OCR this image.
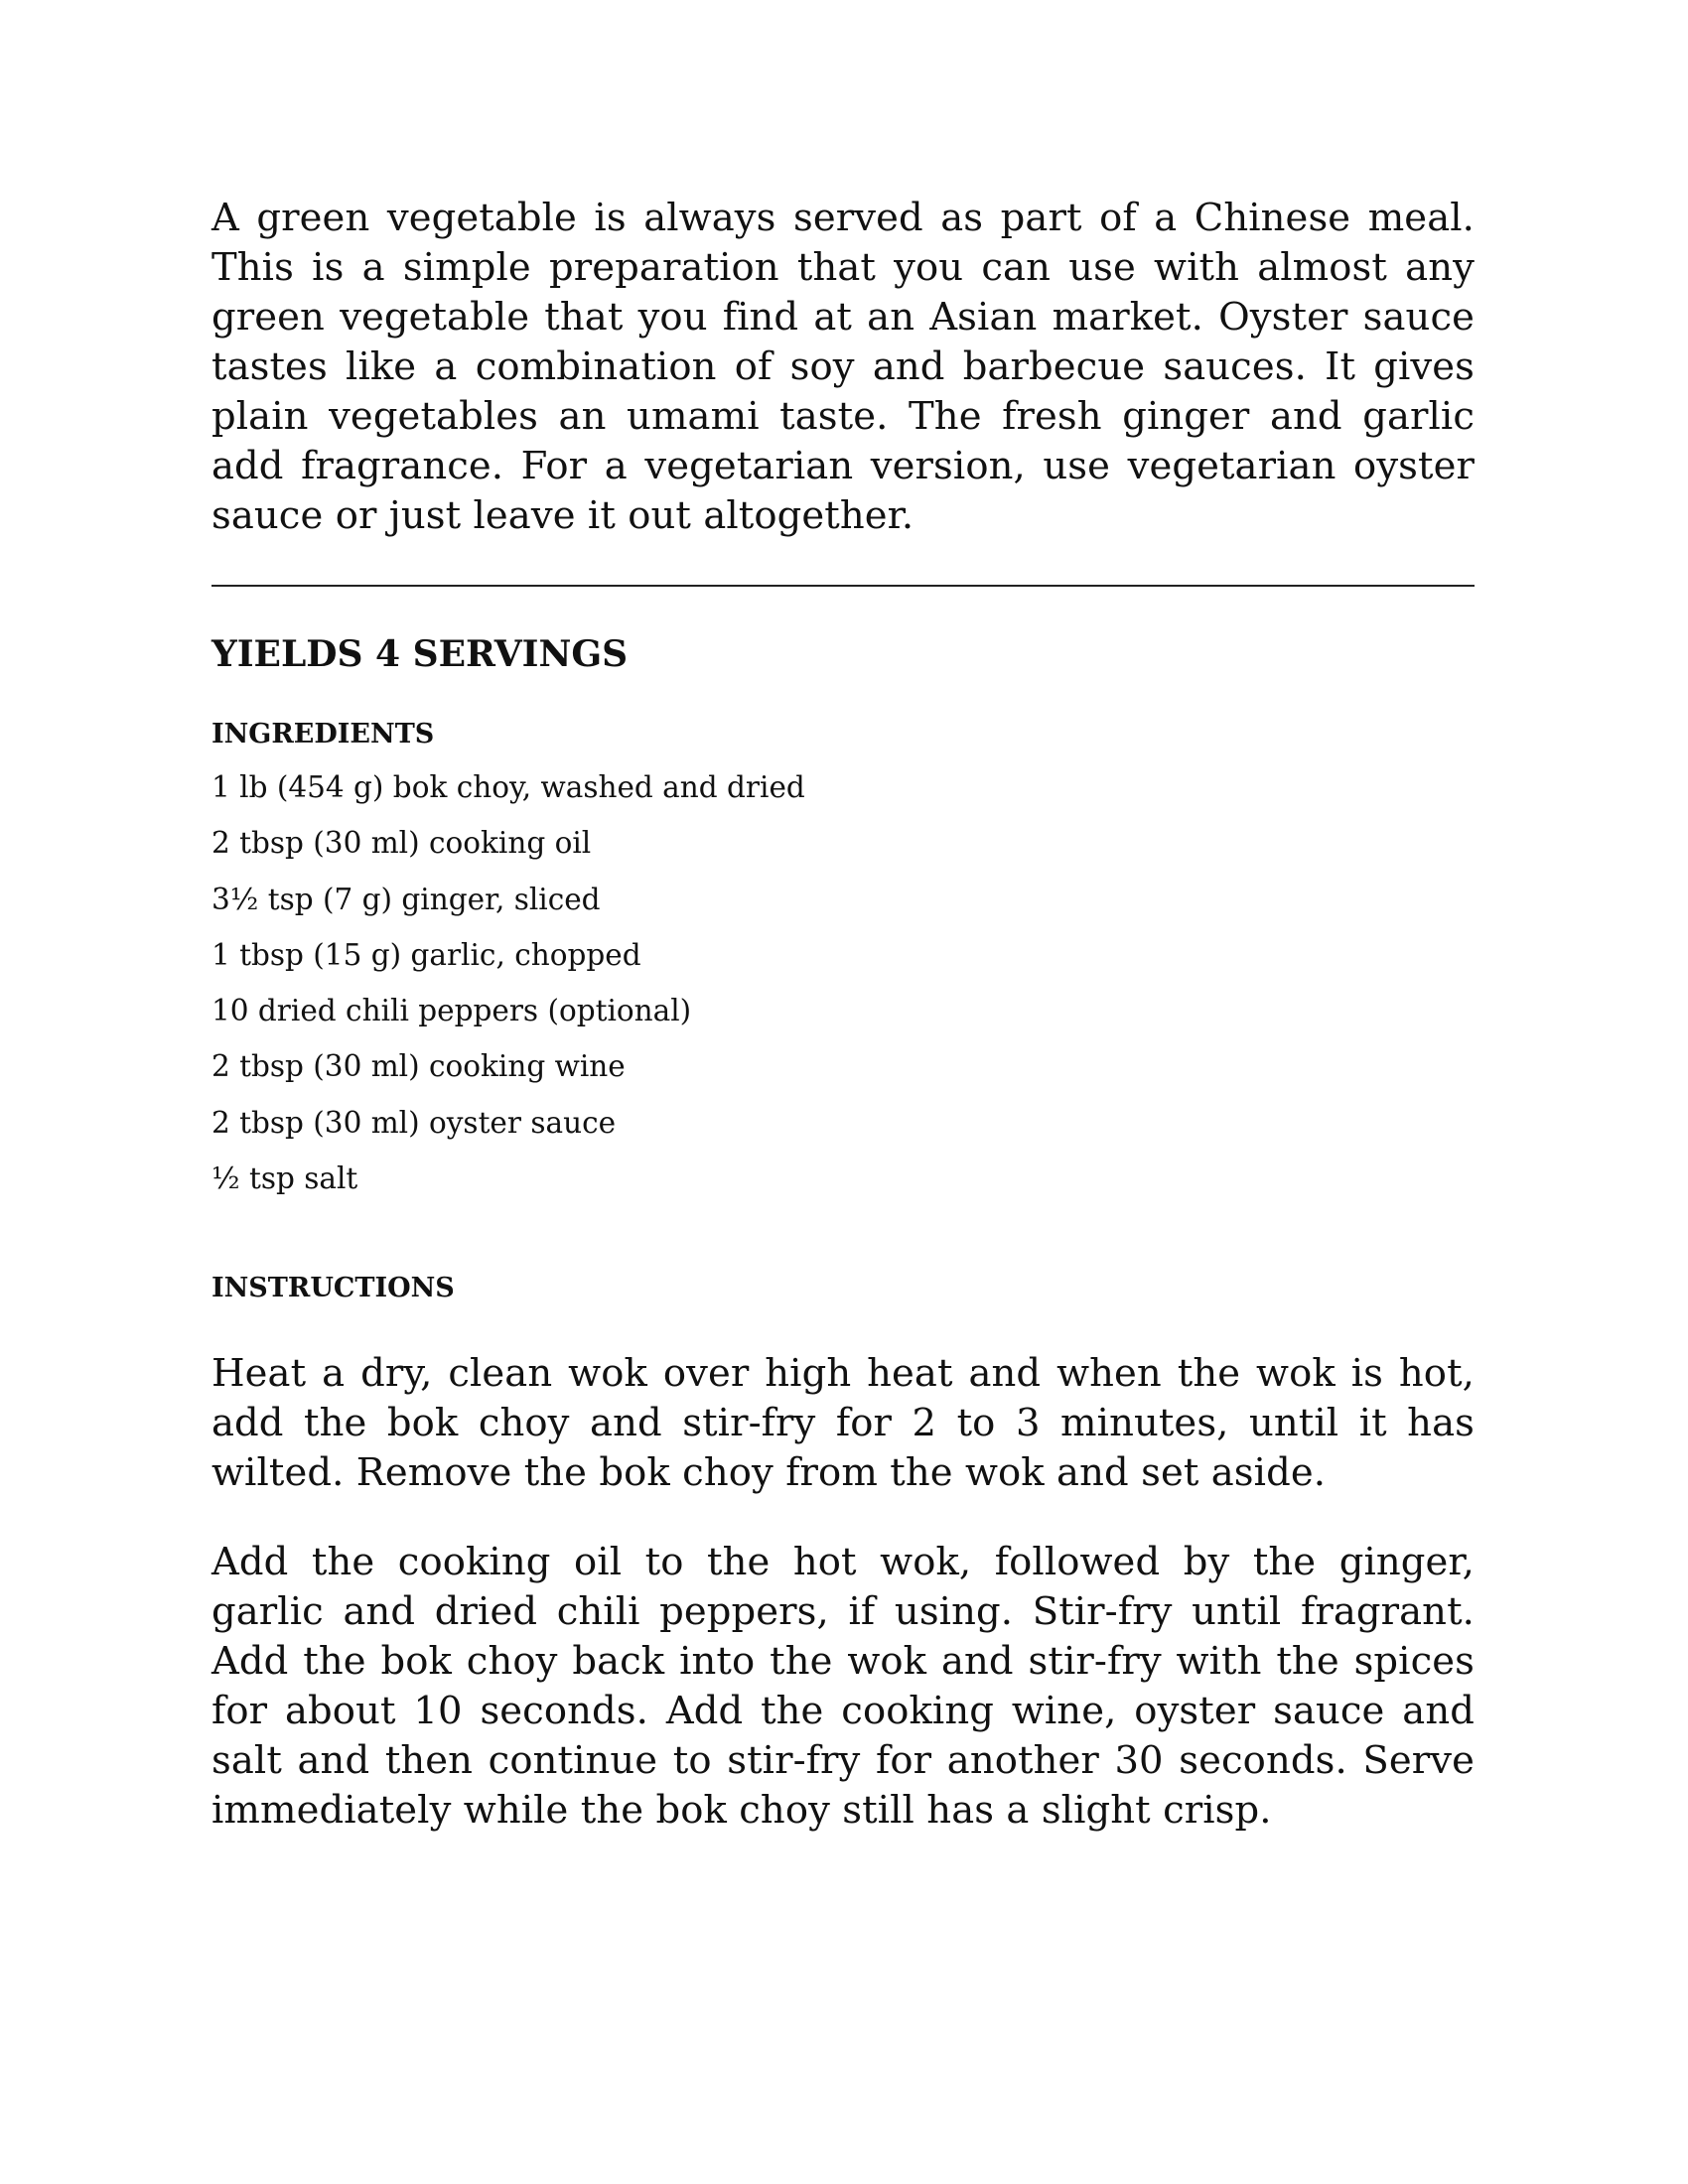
A green vegetable is always served as part of a Chinese meal. This is a simple preparation that you can use with almost any green vegetable that you find at an Asian market. Oyster sauce tastes like a combination of soy and barbecue sauces. It gives plain vegetables an umami taste. The fresh ginger and garlic add fragrance. For a vegetarian version, use vegetarian oyster sauce or just leave it out altogether.

YIELDS 4 SERVINGS
INGREDIENTS
1 lb (454 g) bok choy, washed and dried
2 tbsp (30 ml) cooking oil
3½ tsp (7 g) ginger, sliced
1 tbsp (15 g) garlic, chopped
10 dried chili peppers (optional)
2 tbsp (30 ml) cooking wine
2 tbsp (30 ml) oyster sauce
½ tsp salt
INSTRUCTIONS

Heat a dry, clean wok over high heat and when the wok is hot, add the bok choy and stir-fry for 2 to 3 minutes, until it has wilted. Remove the bok choy from the wok and set aside.

Add the cooking oil to the hot wok, followed by the ginger, garlic and dried chili peppers, if using. Stir-fry until fragrant. Add the bok choy back into the wok and stir-fry with the spices for about 10 seconds. Add the cooking wine, oyster sauce and salt and then continue to stir-fry for another 30 seconds. Serve immediately while the bok choy still has a slight crisp.
